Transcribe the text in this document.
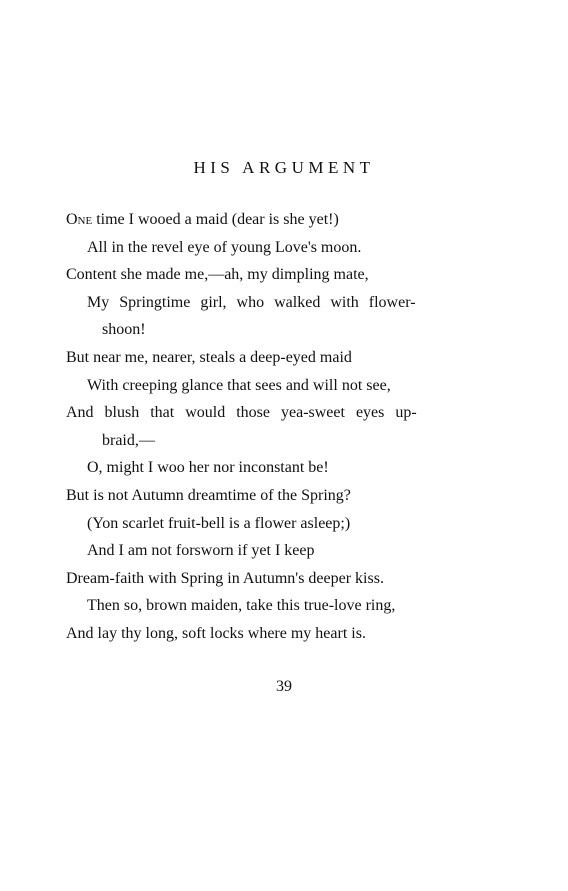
HIS ARGUMENT
One time I wooed a maid (dear is she yet!)
All in the revel eye of young Love's moon.
Content she made me,—ah, my dimpling mate,
My Springtime girl, who walked with flower-
shoon!
But near me, nearer, steals a deep-eyed maid
With creeping glance that sees and will not see,
And blush that would those yea-sweet eyes up-
braid,—
O, might I woo her nor inconstant be!
But is not Autumn dreamtime of the Spring?
(Yon scarlet fruit-bell is a flower asleep;)
And I am not forsworn if yet I keep
Dream-faith with Spring in Autumn's deeper kiss.
Then so, brown maiden, take this true-love ring,
And lay thy long, soft locks where my heart is.
39
